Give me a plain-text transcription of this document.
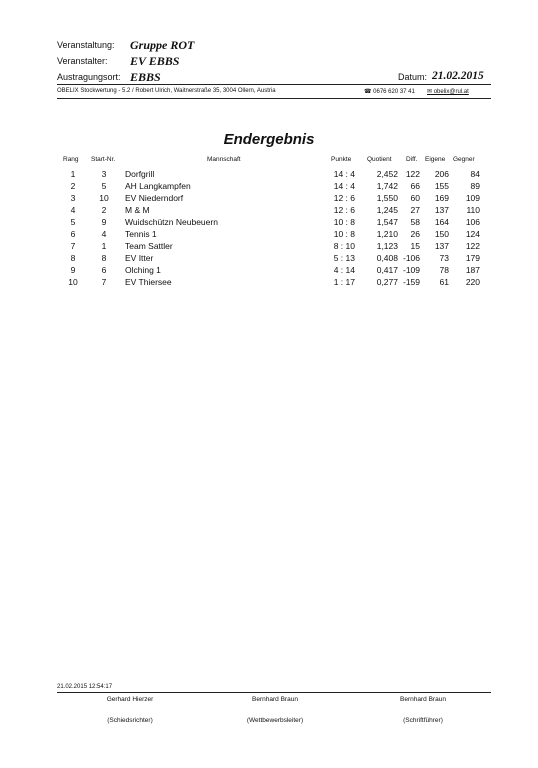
Veranstaltung: Gruppe ROT
Veranstalter: EV EBBS
Austragungsort: EBBS	Datum: 21.02.2015
OBELIX Stockwertung - 5.2 / Robert Ulrich, Waitnerstraße 35, 3004 Ollern, Austria	☎ 0676 620 37 41 ✉ obelix@rul.at
Endergebnis
Rang Start-Nr.	Mannschaft	Punkte Quotient Diff. Eigene Gegner
1	3	Dorfgrill	14 : 4	2,452 122	206	84
2	5	AH Langkampfen	14 : 4	1,742	66	155	89
3	10	EV Niederndorf	12 : 6	1,550	60	169	109
4	2	M & M	12 : 6	1,245	27	137	110
5	9	Wuidschützn Neubeuern	10 : 8	1,547	58	164	106
6	4	Tennis 1	10 : 8	1,210	26	150	124
7	1	Team Sattler	8 : 10	1,123	15	137	122
8	8	EV Itter	5 : 13	0,408 -106	73	179
9	6	Olching 1	4 : 14	0,417 -109	78	187
10	7	EV Thiersee	1 : 17	0,277 -159	61	220
21.02.2015 12:54:17
Gerhard Hierzer	Bernhard Braun	Bernhard Braun
(Schiedsrichter)	(Wettbewerbsleiter)	(Schriftführer)
